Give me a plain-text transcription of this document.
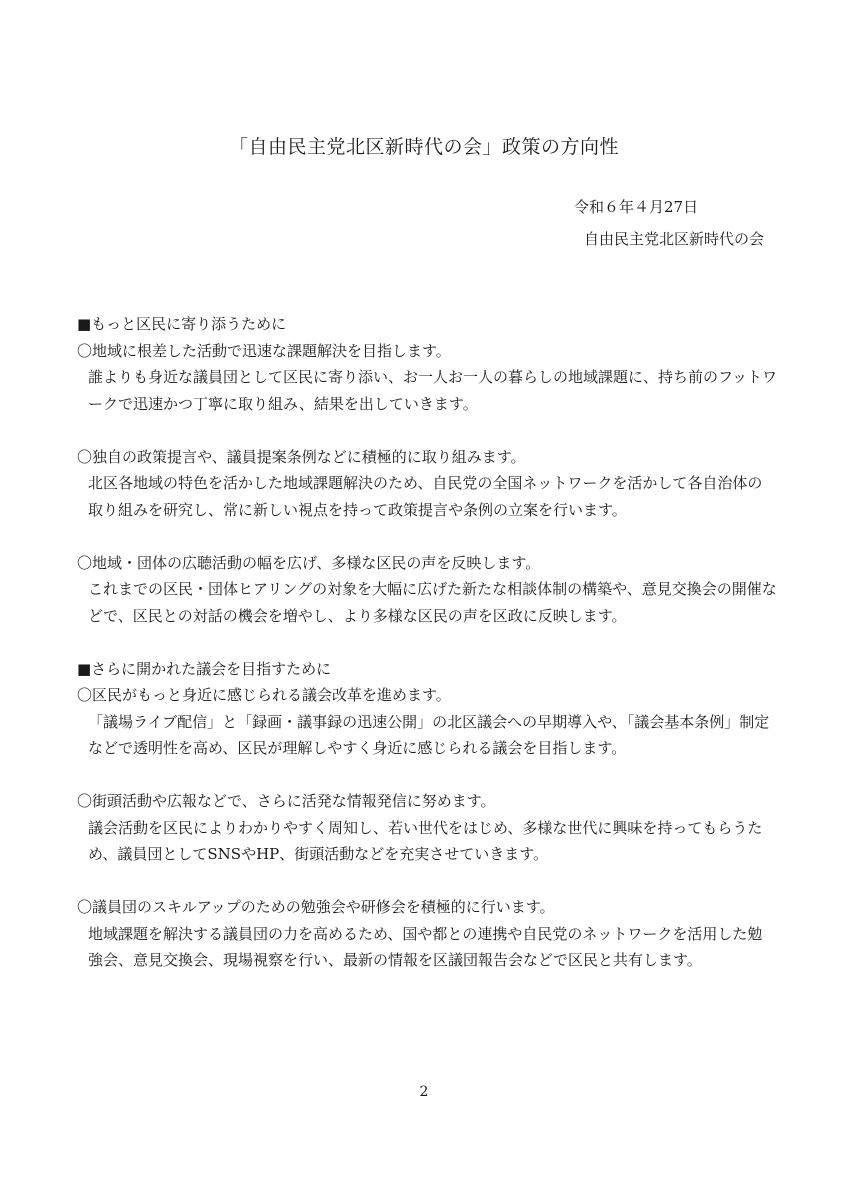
「自由民主党北区新時代の会」政策の方向性
令和６年４月27日
自由民主党北区新時代の会
■もっと区民に寄り添うために
〇地域に根差した活動で迅速な課題解決を目指します。
誰よりも身近な議員団として区民に寄り添い、お一人お一人の暮らしの地域課題に、持ち前のフットワークで迅速かつ丁寧に取り組み、結果を出していきます。
〇独自の政策提言や、議員提案条例などに積極的に取り組みます。
北区各地域の特色を活かした地域課題解決のため、自民党の全国ネットワークを活かして各自治体の取り組みを研究し、常に新しい視点を持って政策提言や条例の立案を行います。
〇地域・団体の広聴活動の幅を広げ、多様な区民の声を反映します。
これまでの区民・団体ヒアリングの対象を大幅に広げた新たな相談体制の構築や、意見交換会の開催などで、区民との対話の機会を増やし、より多様な区民の声を区政に反映します。
■さらに開かれた議会を目指すために
〇区民がもっと身近に感じられる議会改革を進めます。
「議場ライブ配信」と「録画・議事録の迅速公開」の北区議会への早期導入や、「議会基本条例」制定などで透明性を高め、区民が理解しやすく身近に感じられる議会を目指します。
〇街頭活動や広報などで、さらに活発な情報発信に努めます。
議会活動を区民によりわかりやすく周知し、若い世代をはじめ、多様な世代に興味を持ってもらうため、議員団としてSNSやHP、街頭活動などを充実させていきます。
〇議員団のスキルアップのための勉強会や研修会を積極的に行います。
地域課題を解決する議員団の力を高めるため、国や都との連携や自民党のネットワークを活用した勉強会、意見交換会、現場視察を行い、最新の情報を区議団報告会などで区民と共有します。
2
